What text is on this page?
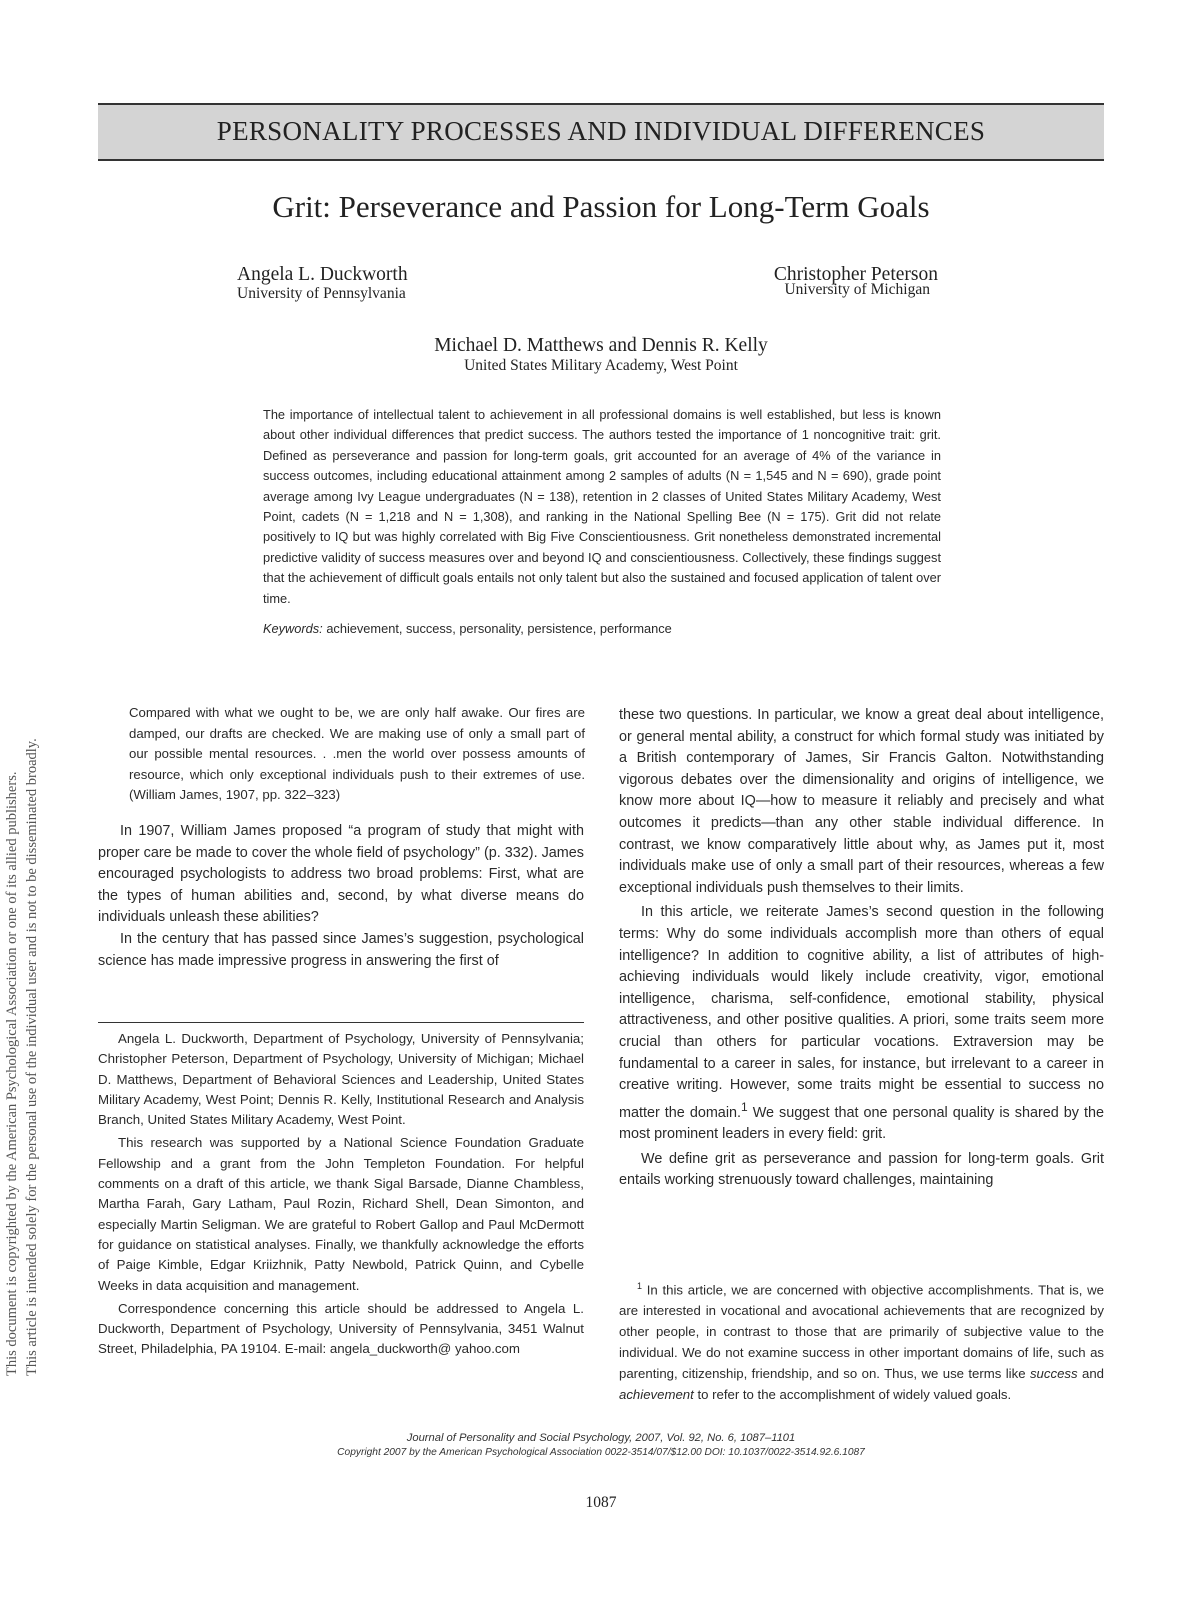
This document is copyrighted by the American Psychological Association or one of its allied publishers. This article is intended solely for the personal use of the individual user and is not to be disseminated broadly.
PERSONALITY PROCESSES AND INDIVIDUAL DIFFERENCES
Grit: Perseverance and Passion for Long-Term Goals
Angela L. Duckworth
University of Pennsylvania
Christopher Peterson
University of Michigan
Michael D. Matthews and Dennis R. Kelly
United States Military Academy, West Point
The importance of intellectual talent to achievement in all professional domains is well established, but less is known about other individual differences that predict success. The authors tested the importance of 1 noncognitive trait: grit. Defined as perseverance and passion for long-term goals, grit accounted for an average of 4% of the variance in success outcomes, including educational attainment among 2 samples of adults (N = 1,545 and N = 690), grade point average among Ivy League undergraduates (N = 138), retention in 2 classes of United States Military Academy, West Point, cadets (N = 1,218 and N = 1,308), and ranking in the National Spelling Bee (N = 175). Grit did not relate positively to IQ but was highly correlated with Big Five Conscientiousness. Grit nonetheless demonstrated incremental predictive validity of success measures over and beyond IQ and conscientiousness. Collectively, these findings suggest that the achievement of difficult goals entails not only talent but also the sustained and focused application of talent over time.
Keywords: achievement, success, personality, persistence, performance
Compared with what we ought to be, we are only half awake. Our fires are damped, our drafts are checked. We are making use of only a small part of our possible mental resources. . .men the world over possess amounts of resource, which only exceptional individuals push to their extremes of use. (William James, 1907, pp. 322–323)

In 1907, William James proposed “a program of study that might with proper care be made to cover the whole field of psychology” (p. 332). James encouraged psychologists to address two broad problems: First, what are the types of human abilities and, second, by what diverse means do individuals unleash these abilities?

In the century that has passed since James’s suggestion, psychological science has made impressive progress in answering the first of

Angela L. Duckworth, Department of Psychology, University of Pennsylvania; Christopher Peterson, Department of Psychology, University of Michigan; Michael D. Matthews, Department of Behavioral Sciences and Leadership, United States Military Academy, West Point; Dennis R. Kelly, Institutional Research and Analysis Branch, United States Military Academy, West Point.

This research was supported by a National Science Foundation Graduate Fellowship and a grant from the John Templeton Foundation. For helpful comments on a draft of this article, we thank Sigal Barsade, Dianne Chambless, Martha Farah, Gary Latham, Paul Rozin, Richard Shell, Dean Simonton, and especially Martin Seligman. We are grateful to Robert Gallop and Paul McDermott for guidance on statistical analyses. Finally, we thankfully acknowledge the efforts of Paige Kimble, Edgar Kriizhnik, Patty Newbold, Patrick Quinn, and Cybelle Weeks in data acquisition and management.

Correspondence concerning this article should be addressed to Angela L. Duckworth, Department of Psychology, University of Pennsylvania, 3451 Walnut Street, Philadelphia, PA 19104. E-mail: angela_duckworth@ yahoo.com

these two questions. In particular, we know a great deal about intelligence, or general mental ability, a construct for which formal study was initiated by a British contemporary of James, Sir Francis Galton. Notwithstanding vigorous debates over the dimensionality and origins of intelligence, we know more about IQ—how to measure it reliably and precisely and what outcomes it predicts—than any other stable individual difference. In contrast, we know comparatively little about why, as James put it, most individuals make use of only a small part of their resources, whereas a few exceptional individuals push themselves to their limits.

In this article, we reiterate James’s second question in the following terms: Why do some individuals accomplish more than others of equal intelligence? In addition to cognitive ability, a list of attributes of high-achieving individuals would likely include creativity, vigor, emotional intelligence, charisma, self-confidence, emotional stability, physical attractiveness, and other positive qualities. A priori, some traits seem more crucial than others for particular vocations. Extraversion may be fundamental to a career in sales, for instance, but irrelevant to a career in creative writing. However, some traits might be essential to success no matter the domain.$^1$ We suggest that one personal quality is shared by the most prominent leaders in every field: grit.

We define grit as perseverance and passion for long-term goals. Grit entails working strenuously toward challenges, maintaining

$^1$ In this article, we are concerned with objective accomplishments. That is, we are interested in vocational and avocational achievements that are recognized by other people, in contrast to those that are primarily of subjective value to the individual. We do not examine success in other important domains of life, such as parenting, citizenship, friendship, and so on. Thus, we use terms like success and achievement to refer to the accomplishment of widely valued goals.
Journal of Personality and Social Psychology, 2007, Vol. 92, No. 6, 1087–1101
Copyright 2007 by the American Psychological Association 0022-3514/07/$12.00 DOI: 10.1037/0022-3514.92.6.1087
1087
